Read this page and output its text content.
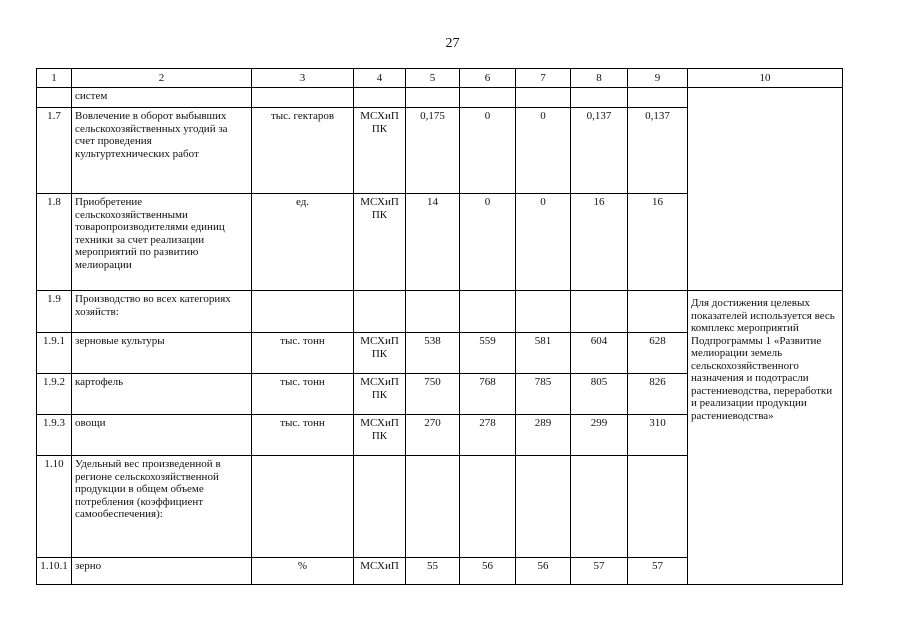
27
1	2	3	4	5	6	7	8	9	10
	систем								
1.7	Вовлечение в оборот выбывших сельскохозяйственных угодий за счет проведения культуртехнических работ	тыс. гектаров	МСХиП ПК	0,175	0	0	0,137	0,137	
1.8	Приобретение сельскохозяйственными товаропроизводителями единиц техники за счет реализации мероприятий по развитию мелиорации	ед.	МСХиП ПК	14	0	0	16	16	
1.9	Производство во всех категориях хозяйств:								Для достижения целевых показателей используется весь комплекс мероприятий Подпрограммы 1 «Развитие мелиорации земель сельскохозяйственного назначения и подотрасли растениеводства, переработки и реализации продукции растениеводства»

1.9.1	зерновые культуры	тыс. тонн	МСХиП ПК	538	559	581	604	628	
1.9.2	картофель	тыс. тонн	МСХиП ПК	750	768	785	805	826	
1.9.3	овощи	тыс. тонн	МСХиП ПК	270	278	289	299	310	
1.10	Удельный вес произведенной в регионе сельскохозяйственной продукции в общем объеме потребления (коэффициент самообеспечения):								
1.10.1	зерно	%	МСХиП	55	56	56	57	57	
